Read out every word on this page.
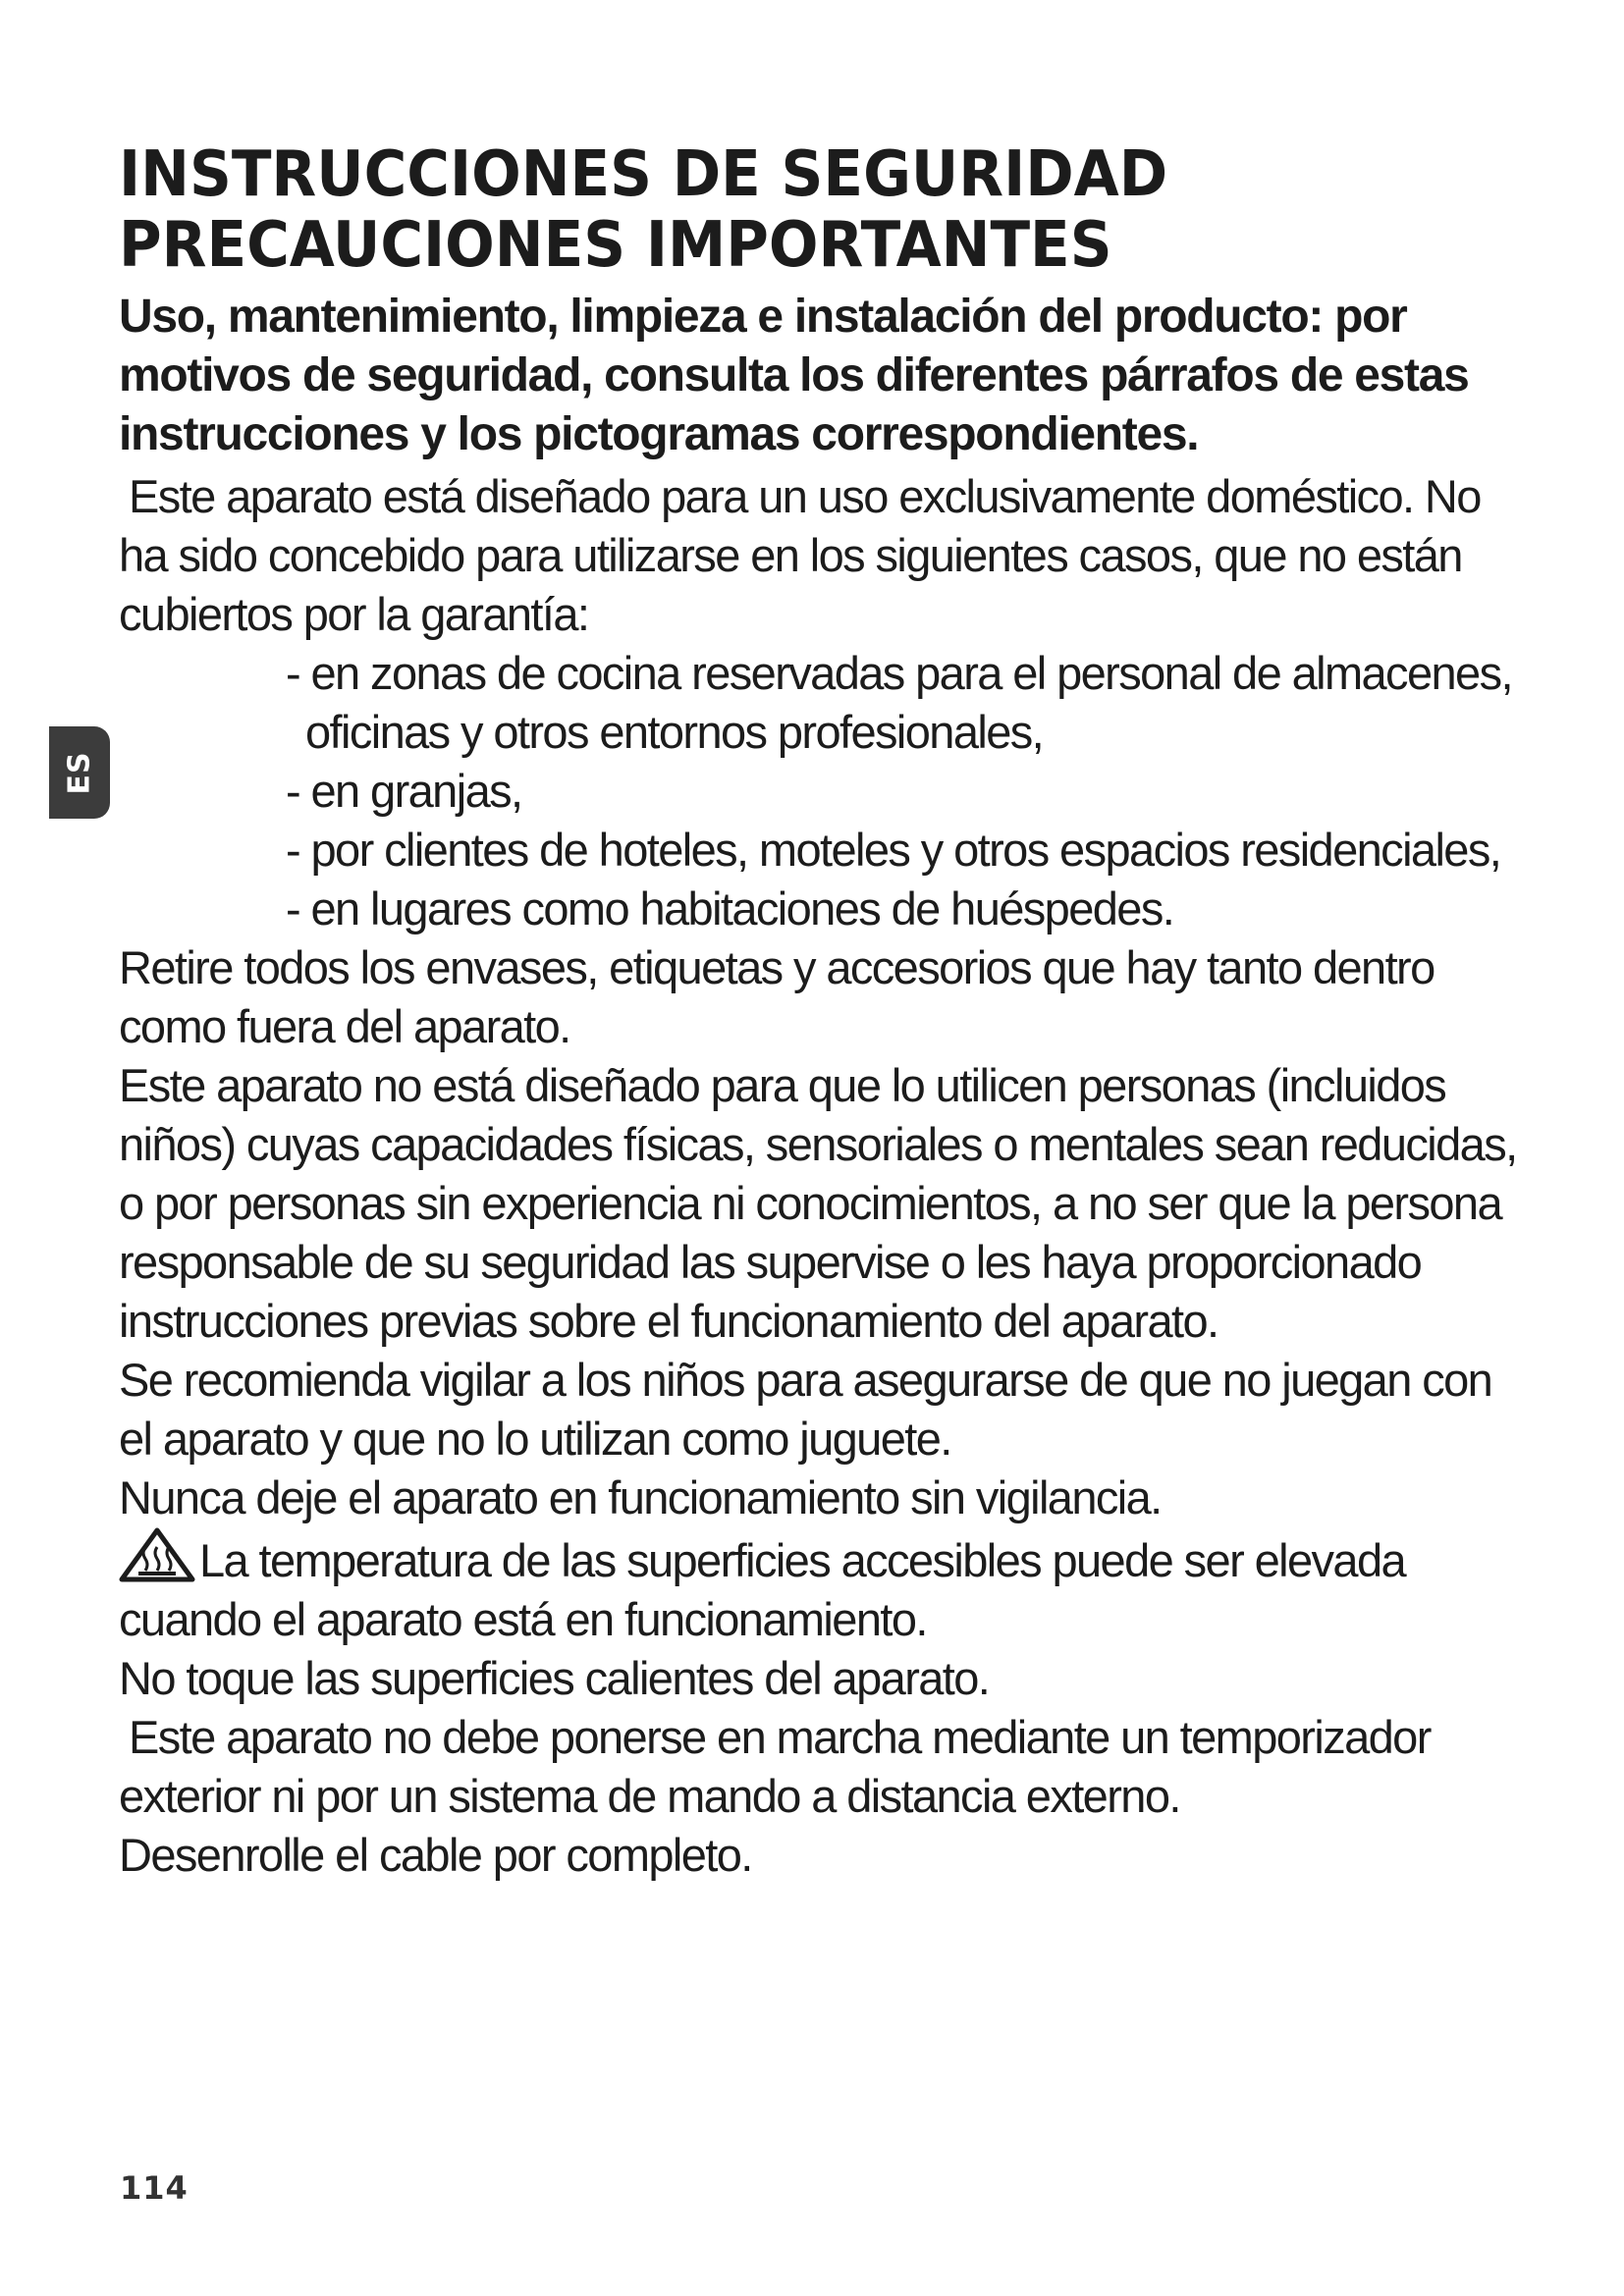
ES
INSTRUCCIONES DE SEGURIDAD
PRECAUCIONES IMPORTANTES

Uso, mantenimiento, limpieza e instalación del producto: por motivos de seguridad, consulta los diferentes párrafos de estas instrucciones y los pictogramas correspondientes.

Este aparato está diseñado para un uso exclusivamente doméstico. No ha sido concebido para utilizarse en los siguientes casos, que no están cubiertos por la garantía:

- en zonas de cocina reservadas para el personal de almacenes, oficinas y otros entornos profesionales,
- en granjas,
- por clientes de hoteles, moteles y otros espacios residenciales,
- en lugares como habitaciones de huéspedes.

Retire todos los envases, etiquetas y accesorios que hay tanto dentro como fuera del aparato.

Este aparato no está diseñado para que lo utilicen personas (incluidos niños) cuyas capacidades físicas, sensoriales o mentales sean reducidas, o por personas sin experiencia ni conocimientos, a no ser que la persona responsable de su seguridad las supervise o les haya proporcionado instrucciones previas sobre el funcionamiento del aparato.

Se recomienda vigilar a los niños para asegurarse de que no juegan con el aparato y que no lo utilizan como juguete.

Nunca deje el aparato en funcionamiento sin vigilancia.

La temperatura de las superficies accesibles puede ser elevada cuando el aparato está en funcionamiento.

No toque las superficies calientes del aparato.

Este aparato no debe ponerse en marcha mediante un temporizador exterior ni por un sistema de mando a distancia externo.

Desenrolle el cable por completo.

114
